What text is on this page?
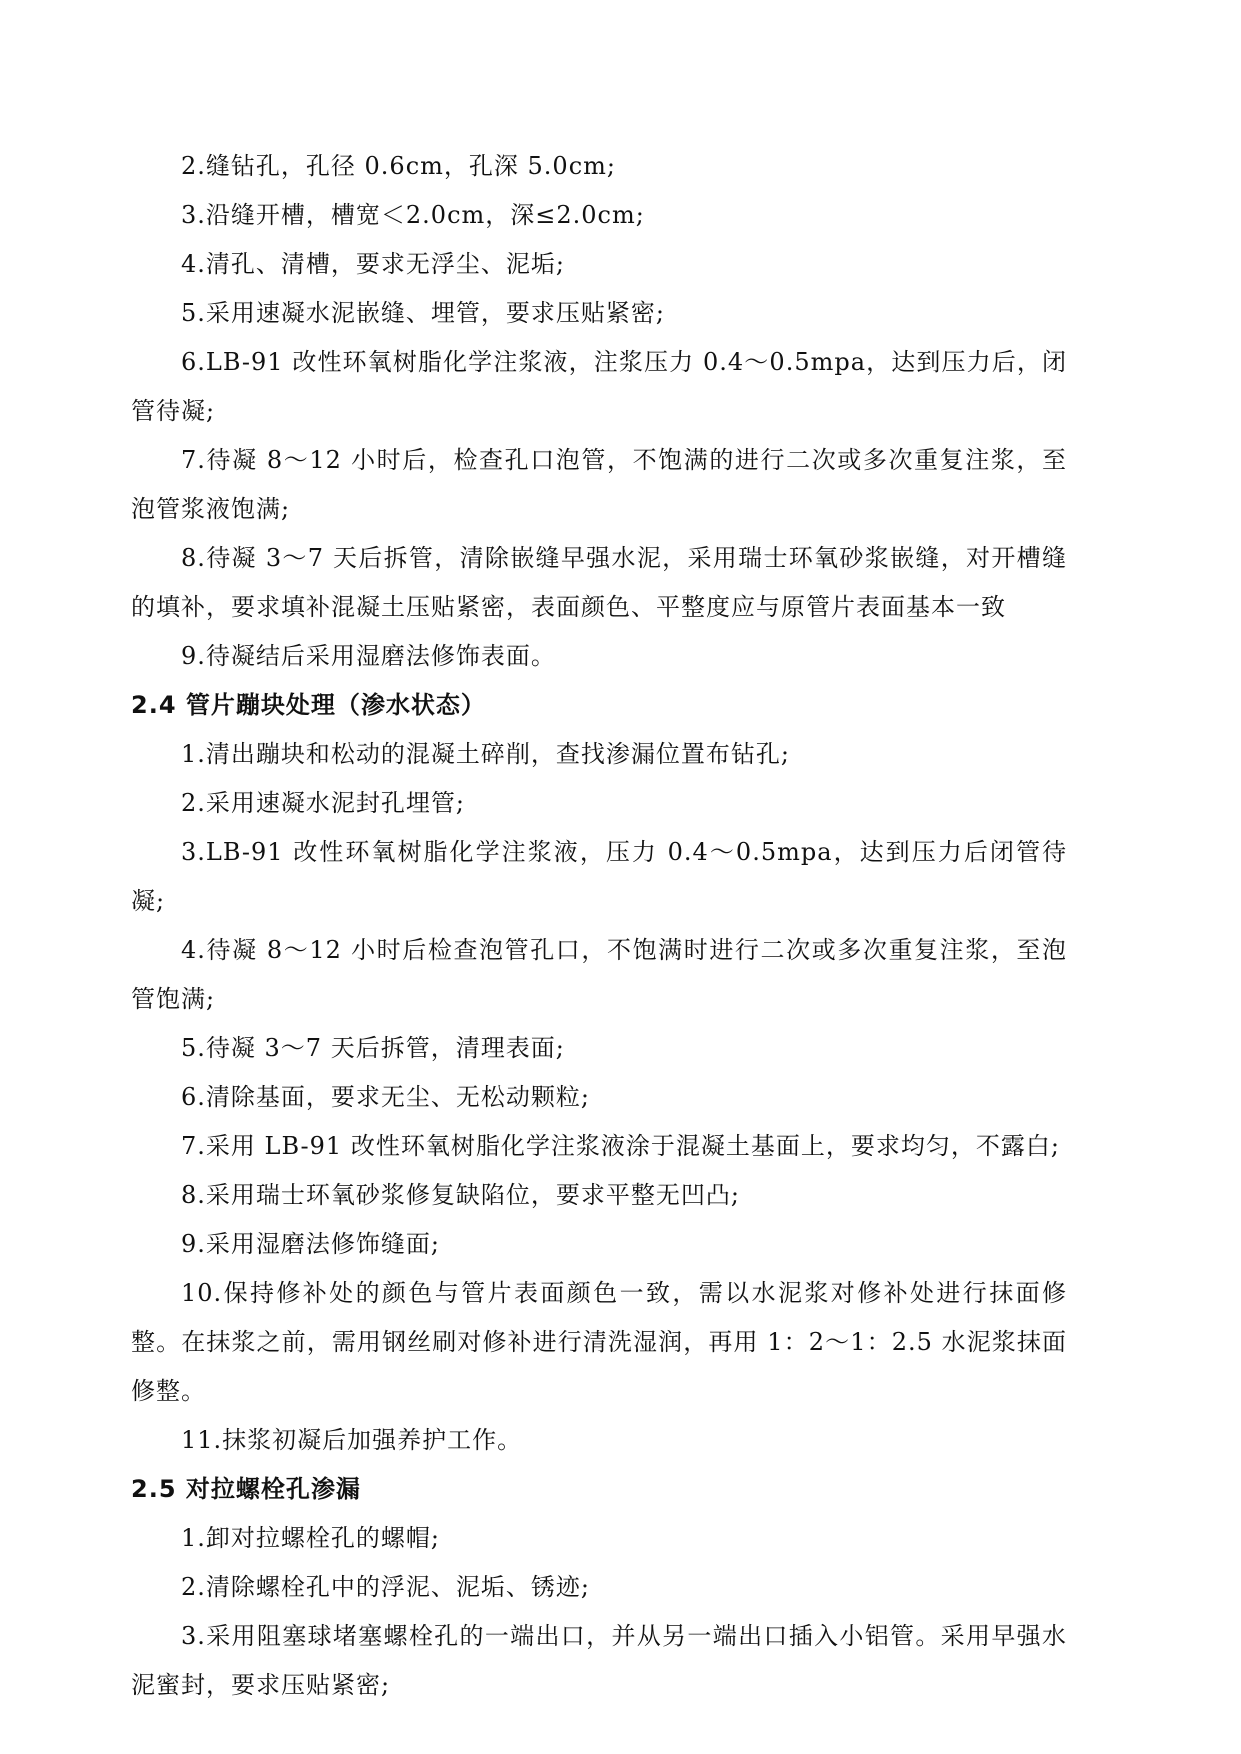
2.缝钻孔，孔径 0.6cm，孔深 5.0cm;

3.沿缝开槽，槽宽＜2.0cm，深≤2.0cm;

4.清孔、清槽，要求无浮尘、泥垢;

5.采用速凝水泥嵌缝、埋管，要求压贴紧密;

6.LB-91 改性环氧树脂化学注浆液，注浆压力 0.4～0.5mpa，达到压力后，闭管待凝;

7.待凝 8～12 小时后，检查孔口泡管，不饱满的进行二次或多次重复注浆，至泡管浆液饱满;

8.待凝 3～7 天后拆管，清除嵌缝早强水泥，采用瑞士环氧砂浆嵌缝，对开槽缝的填补，要求填补混凝土压贴紧密，表面颜色、平整度应与原管片表面基本一致

9.待凝结后采用湿磨法修饰表面。

2.4 管片蹦块处理（渗水状态）

1.清出蹦块和松动的混凝土碎削，查找渗漏位置布钻孔;

2.采用速凝水泥封孔埋管;

3.LB-91 改性环氧树脂化学注浆液，压力 0.4～0.5mpa，达到压力后闭管待凝;

4.待凝 8～12 小时后检查泡管孔口，不饱满时进行二次或多次重复注浆，至泡管饱满;

5.待凝 3～7 天后拆管，清理表面;

6.清除基面，要求无尘、无松动颗粒;

7.采用 LB-91 改性环氧树脂化学注浆液涂于混凝土基面上，要求均匀，不露白;

8.采用瑞士环氧砂浆修复缺陷位，要求平整无凹凸;

9.采用湿磨法修饰缝面;

10.保持修补处的颜色与管片表面颜色一致，需以水泥浆对修补处进行抹面修整。在抹浆之前，需用钢丝刷对修补进行清洗湿润，再用 1：2～1：2.5 水泥浆抹面修整。

11.抹浆初凝后加强养护工作。

2.5 对拉螺栓孔渗漏

1.卸对拉螺栓孔的螺帽;

2.清除螺栓孔中的浮泥、泥垢、锈迹;

3.采用阻塞球堵塞螺栓孔的一端出口，并从另一端出口插入小铝管。采用早强水泥蜜封，要求压贴紧密;
